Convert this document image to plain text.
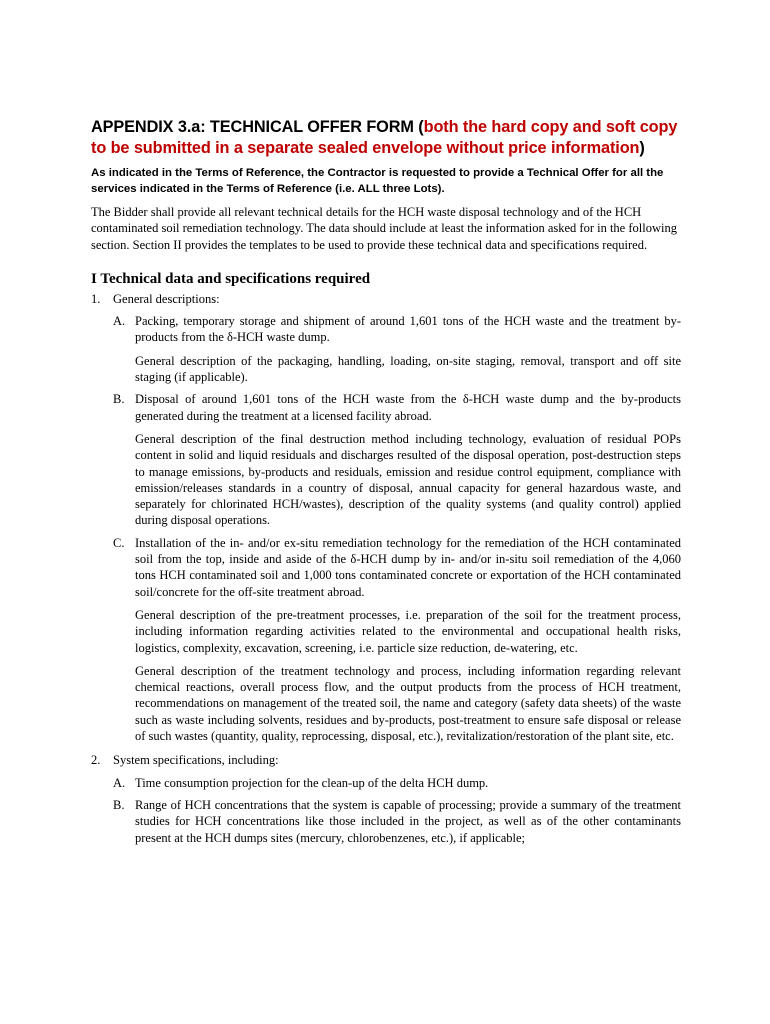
APPENDIX 3.a: TECHNICAL OFFER FORM (both the hard copy and soft copy to be submitted in a separate sealed envelope without price information)
As indicated in the Terms of Reference, the Contractor is requested to provide a Technical Offer for all the services indicated in the Terms of Reference (i.e. ALL three Lots).

The Bidder shall provide all relevant technical details for the HCH waste disposal technology and of the HCH contaminated soil remediation technology. The data should include at least the information asked for in the following section. Section II provides the templates to be used to provide these technical data and specifications required.

I Technical data and specifications required
1. General descriptions:

A. Packing, temporary storage and shipment of around 1,601 tons of the HCH waste and the treatment by-products from the δ-HCH waste dump.

General description of the packaging, handling, loading, on-site staging, removal, transport and off site staging (if applicable).

B. Disposal of around 1,601 tons of the HCH waste from the δ-HCH waste dump and the by-products generated during the treatment at a licensed facility abroad.

General description of the final destruction method including technology, evaluation of residual POPs content in solid and liquid residuals and discharges resulted of the disposal operation, post-destruction steps to manage emissions, by-products and residuals, emission and residue control equipment, compliance with emission/releases standards in a country of disposal, annual capacity for general hazardous waste, and separately for chlorinated HCH/wastes), description of the quality systems (and quality control) applied during disposal operations.

C. Installation of the in- and/or ex-situ remediation technology for the remediation of the HCH contaminated soil from the top, inside and aside of the δ-HCH dump by in- and/or in-situ soil remediation of the 4,060 tons HCH contaminated soil and 1,000 tons contaminated concrete or exportation of the HCH contaminated soil/concrete for the off-site treatment abroad.

General description of the pre-treatment processes, i.e. preparation of the soil for the treatment process, including information regarding activities related to the environmental and occupational health risks, logistics, complexity, excavation, screening, i.e. particle size reduction, de-watering, etc.

General description of the treatment technology and process, including information regarding relevant chemical reactions, overall process flow, and the output products from the process of HCH treatment, recommendations on management of the treated soil, the name and category (safety data sheets) of the waste such as waste including solvents, residues and by-products, post-treatment to ensure safe disposal or release of such wastes (quantity, quality, reprocessing, disposal, etc.), revitalization/restoration of the plant site, etc.

2. System specifications, including:

A. Time consumption projection for the clean-up of the delta HCH dump.

B. Range of HCH concentrations that the system is capable of processing; provide a summary of the treatment studies for HCH concentrations like those included in the project, as well as of the other contaminants present at the HCH dumps sites (mercury, chlorobenzenes, etc.), if applicable;
